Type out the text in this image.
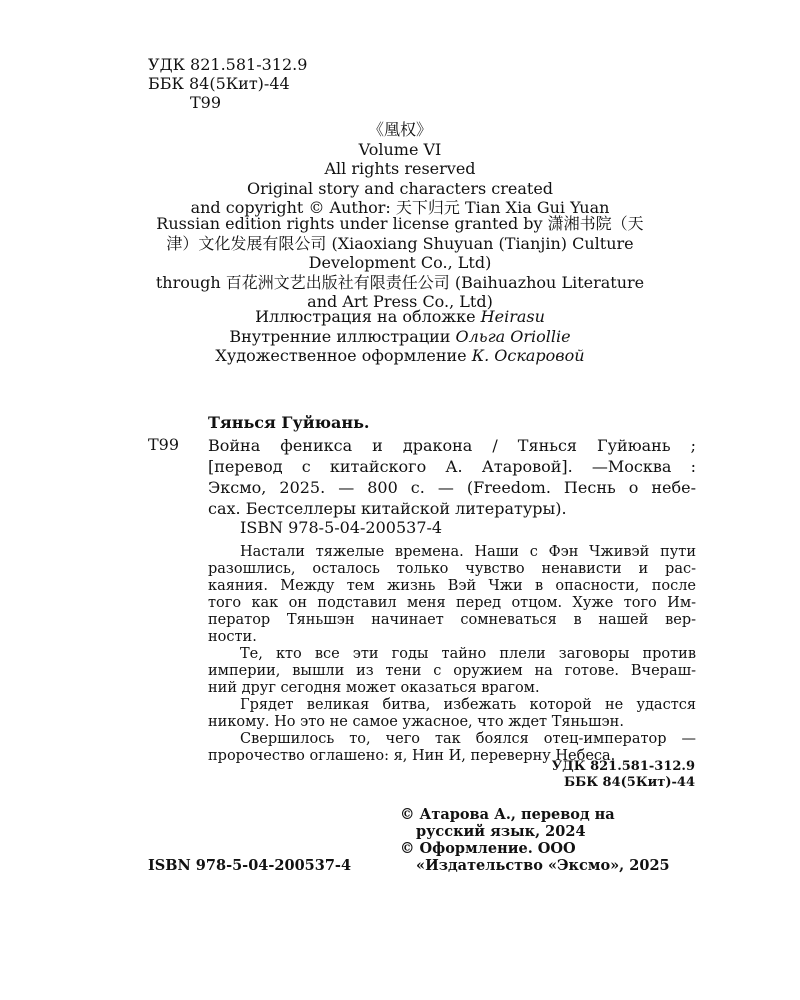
УДК 821.581-312.9
ББК 84(5Кит)-44
T99
《凰权》
Volume VI
All rights reserved
Original story and characters created
and copyright © Author: 天下归元 Tian Xia Gui Yuan
Russian edition rights under license granted by 潇湘书院（天
津）文化发展有限公司 (Xiaoxiang Shuyuan (Tianjin) Culture
Development Co., Ltd)
through 百花洲文艺出版社有限责任公司 (Baihuazhou Literature
and Art Press Co., Ltd)
Иллюстрация на обложке Heirasu
Внутренние иллюстрации Ольга Oriollie
Художественное оформление К. Оскаровой
Тянься Гуйюань.
T99 Война феникса и дракона / Тянься Гуйюань ;
[перевод с китайского А. Атаровой]. —Москва :
Эксмо, 2025. — 800 с. — (Freedom. Песнь о небе-
сах. Бестселлеры китайской литературы).
ISBN 978-5-04-200537-4
Настали тяжелые времена. Наши с Фэн Чживэй пути
разошлись, осталось только чувство ненависти и рас-
каяния. Между тем жизнь Вэй Чжи в опасности, после
того как он подставил меня перед отцом. Хуже того Им-
ператор Тяньшэн начинает сомневаться в нашей вер-
ности.
Те, кто все эти годы тайно плели заговоры против
империи, вышли из тени с оружием на готове. Вчераш-
ний друг сегодня может оказаться врагом.
Грядет великая битва, избежать которой не удастся
никому. Но это не самое ужасное, что ждет Тяньшэн.
Свершилось то, чего так боялся отец-император —
пророчество оглашено: я, Нин И, переверну Небеса.
УДК 821.581-312.9
ББК 84(5Кит)-44
© Атарова А., перевод на
русский язык, 2024
© Оформление. ООО
«Издательство «Эксмо», 2025
ISBN 978-5-04-200537-4
